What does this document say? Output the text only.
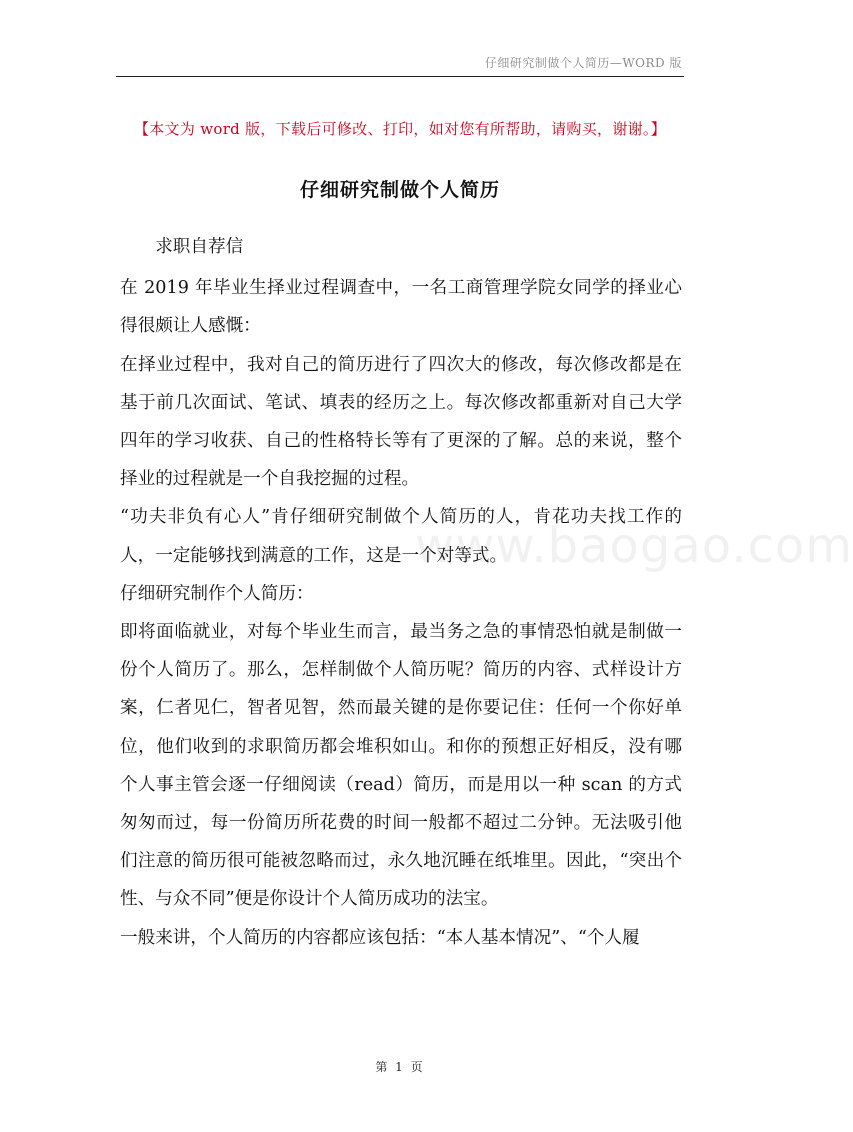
仔细研究制做个人简历—WORD 版
【本文为 word 版，下载后可修改、打印，如对您有所帮助，请购买，谢谢。】
仔细研究制做个人简历
www.baogao.com

求职自荐信

在 2019 年毕业生择业过程调查中，一名工商管理学院女同学的择业心得很颇让人感慨：

在择业过程中，我对自己的简历进行了四次大的修改，每次修改都是在基于前几次面试、笔试、填表的经历之上。每次修改都重新对自己大学四年的学习收获、自己的性格特长等有了更深的了解。总的来说，整个择业的过程就是一个自我挖掘的过程。

“功夫非负有心人”肯仔细研究制做个人简历的人，肯花功夫找工作的人，一定能够找到满意的工作，这是一个对等式。

仔细研究制作个人简历：

即将面临就业，对每个毕业生而言，最当务之急的事情恐怕就是制做一份个人简历了。那么，怎样制做个人简历呢？简历的内容、式样设计方案，仁者见仁，智者见智，然而最关键的是你要记住：任何一个你好单位，他们收到的求职简历都会堆积如山。和你的预想正好相反，没有哪个人事主管会逐一仔细阅读（read）简历，而是用以一种 scan 的方式匆匆而过，每一份简历所花费的时间一般都不超过二分钟。无法吸引他们注意的简历很可能被忽略而过，永久地沉睡在纸堆里。因此，“突出个性、与众不同”便是你设计个人简历成功的法宝。

一般来讲，个人简历的内容都应该包括：“本人基本情况”、“个人履

第 1 页
